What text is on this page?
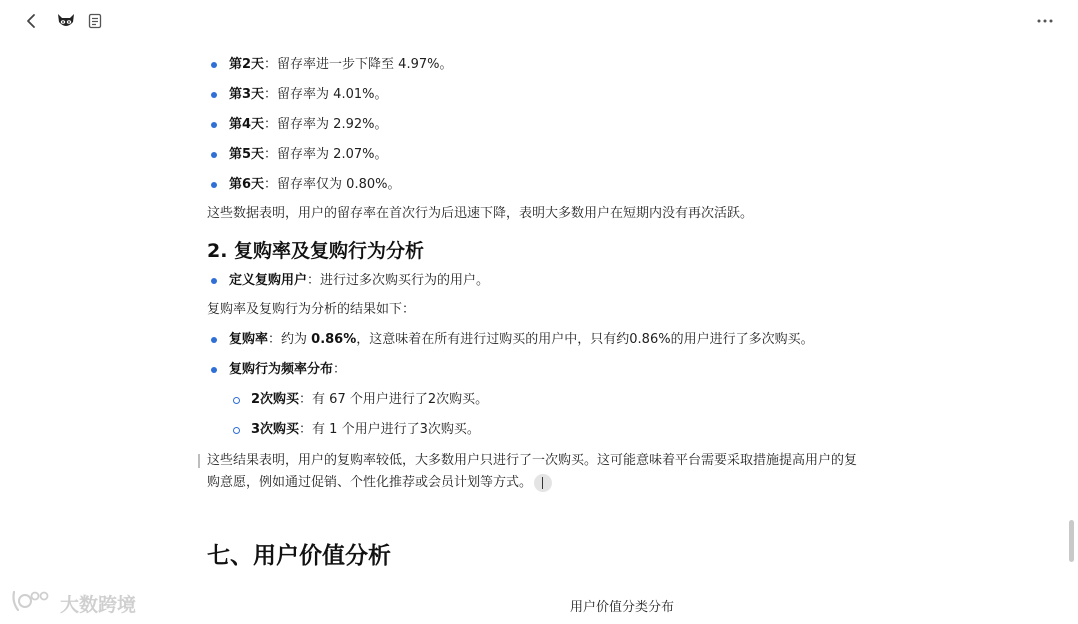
第2天：留存率进一步下降至 4.97%。
第3天：留存率为 4.01%。
第4天：留存率为 2.92%。
第5天：留存率为 2.07%。
第6天：留存率仅为 0.80%。
这些数据表明，用户的留存率在首次行为后迅速下降，表明大多数用户在短期内没有再次活跃。
2. 复购率及复购行为分析
定义复购用户：进行过多次购买行为的用户。
复购率及复购行为分析的结果如下：
复购率：约为 0.86%，这意味着在所有进行过购买的用户中，只有约0.86%的用户进行了多次购买。
复购行为频率分布：
2次购买：有 67 个用户进行了2次购买。
3次购买：有 1 个用户进行了3次购买。
这些结果表明，用户的复购率较低，大多数用户只进行了一次购买。这可能意味着平台需要采取措施提高用户的复
购意愿，例如通过促销、个性化推荐或会员计划等方式。
七、用户价值分析
用户价值分类分布
大数跨境
